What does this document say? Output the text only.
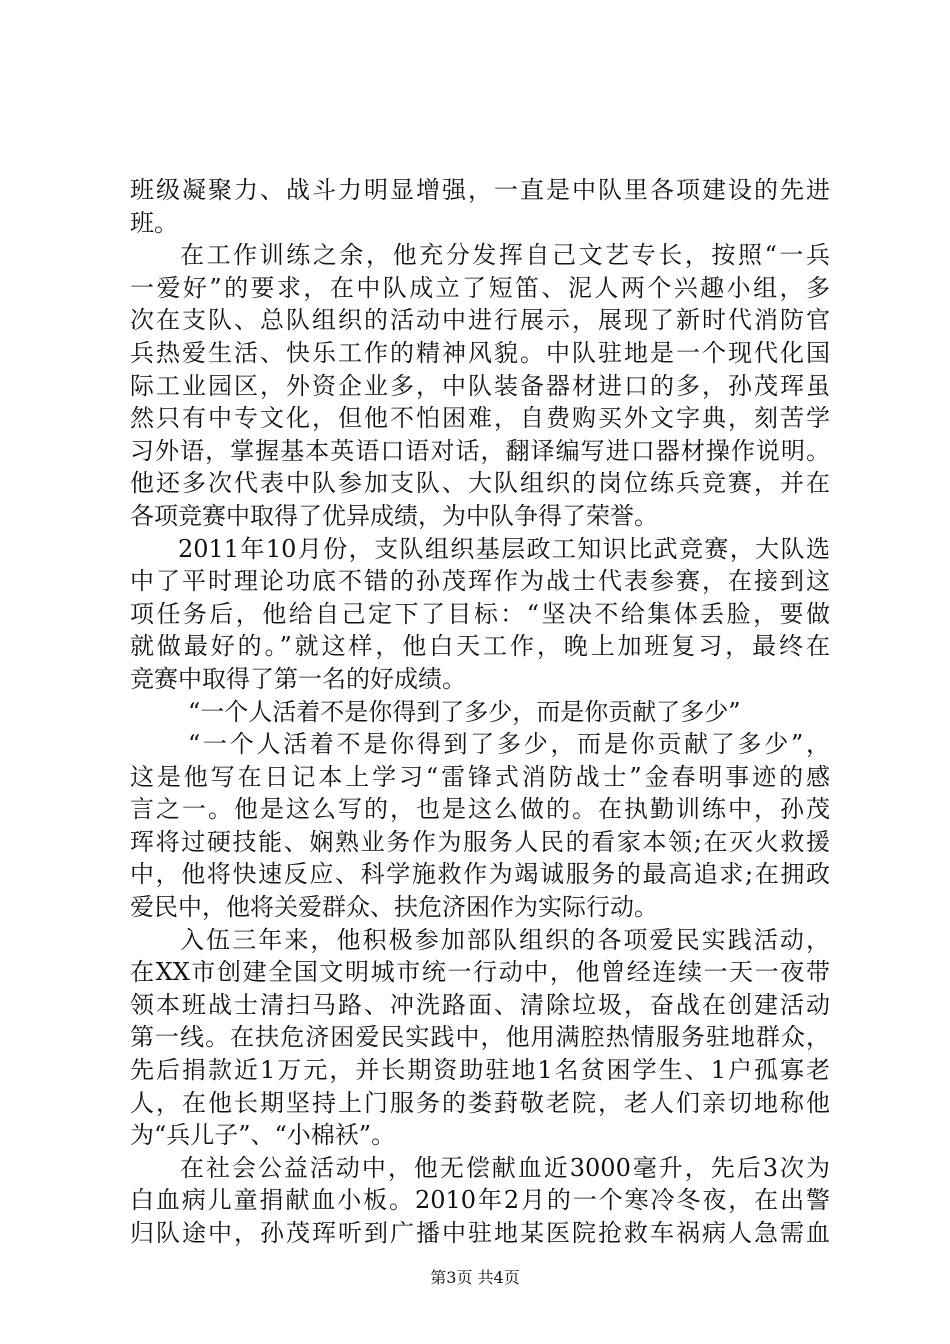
班级凝聚力、战斗力明显增强，一直是中队里各项建设的先进
班。
在工作训练之余，他充分发挥自己文艺专长，按照“一兵
一爱好”的要求，在中队成立了短笛、泥人两个兴趣小组，多
次在支队、总队组织的活动中进行展示，展现了新时代消防官
兵热爱生活、快乐工作的精神风貌。中队驻地是一个现代化国
际工业园区，外资企业多，中队装备器材进口的多，孙茂珲虽
然只有中专文化，但他不怕困难，自费购买外文字典，刻苦学
习外语，掌握基本英语口语对话，翻译编写进口器材操作说明。
他还多次代表中队参加支队、大队组织的岗位练兵竞赛，并在
各项竞赛中取得了优异成绩，为中队争得了荣誉。
2011年10月份，支队组织基层政工知识比武竞赛，大队选
中了平时理论功底不错的孙茂珲作为战士代表参赛，在接到这
项任务后，他给自己定下了目标：“坚决不给集体丢脸，要做
就做最好的。”就这样，他白天工作，晚上加班复习，最终在
竞赛中取得了第一名的好成绩。
“一个人活着不是你得到了多少，而是你贡献了多少”
“一个人活着不是你得到了多少，而是你贡献了多少”，
这是他写在日记本上学习“雷锋式消防战士”金春明事迹的感
言之一。他是这么写的，也是这么做的。在执勤训练中，孙茂
珲将过硬技能、娴熟业务作为服务人民的看家本领;在灭火救援
中，他将快速反应、科学施救作为竭诚服务的最高追求;在拥政
爱民中，他将关爱群众、扶危济困作为实际行动。
入伍三年来，他积极参加部队组织的各项爱民实践活动，
在XX市创建全国文明城市统一行动中，他曾经连续一天一夜带
领本班战士清扫马路、冲洗路面、清除垃圾，奋战在创建活动
第一线。在扶危济困爱民实践中，他用满腔热情服务驻地群众，
先后捐款近1万元，并长期资助驻地1名贫困学生、1户孤寡老
人，在他长期坚持上门服务的娄葑敬老院，老人们亲切地称他
为“兵儿子”、“小棉袄”。
在社会公益活动中，他无偿献血近3000毫升，先后3次为
白血病儿童捐献血小板。2010年2月的一个寒冷冬夜，在出警
归队途中，孙茂珲听到广播中驻地某医院抢救车祸病人急需血
第3页 共4页
